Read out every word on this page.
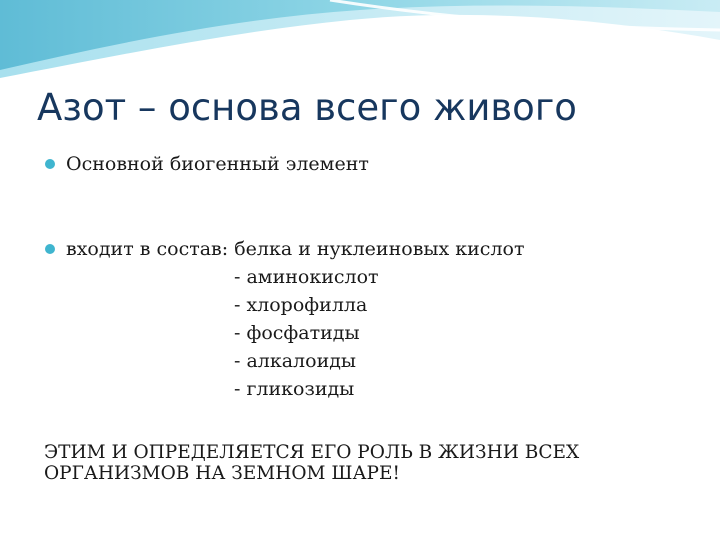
Азот – основа всего живого
Основной биогенный элемент
входит в состав: белка и нуклеиновых кислот
- аминокислот
- хлорофилла
- фосфатиды
- алкалоиды
- гликозиды

ЭТИМ И ОПРЕДЕЛЯЕТСЯ ЕГО РОЛЬ В ЖИЗНИ ВСЕХ ОРГАНИЗМОВ НА ЗЕМНОМ ШАРЕ!
